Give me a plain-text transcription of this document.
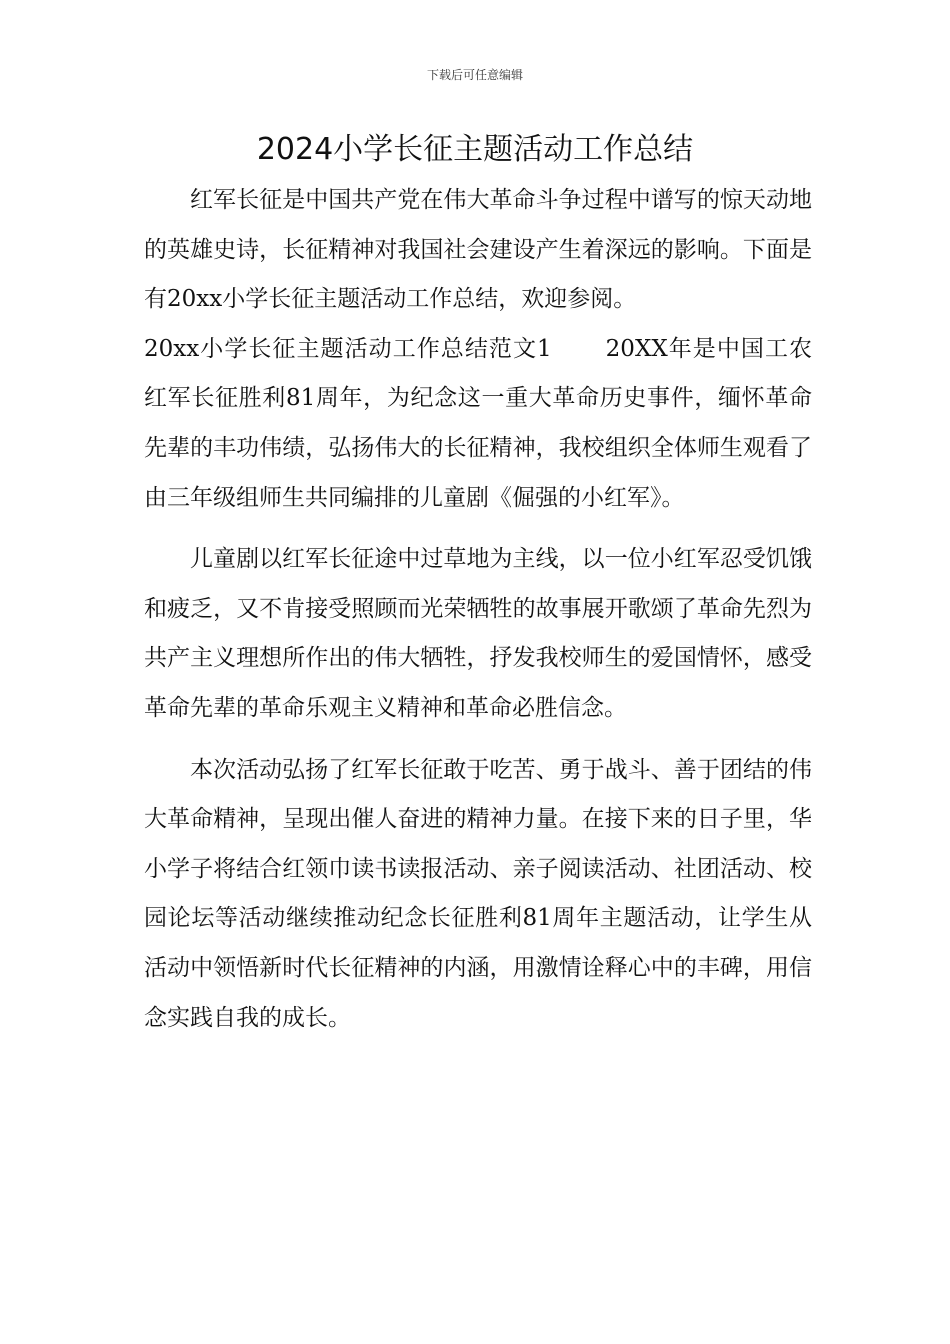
下载后可任意编辑
2024小学长征主题活动工作总结

红军长征是中国共产党在伟大革命斗争过程中谱写的惊天动地的英雄史诗，长征精神对我国社会建设产生着深远的影响。下面是有20xx小学长征主题活动工作总结，欢迎参阅。

20xx小学长征主题活动工作总结范文1 20XX年是中国工农红军长征胜利81周年，为纪念这一重大革命历史事件，缅怀革命先辈的丰功伟绩，弘扬伟大的长征精神，我校组织全体师生观看了由三年级组师生共同编排的儿童剧《倔强的小红军》。

儿童剧以红军长征途中过草地为主线，以一位小红军忍受饥饿和疲乏，又不肯接受照顾而光荣牺牲的故事展开歌颂了革命先烈为共产主义理想所作出的伟大牺牲，抒发我校师生的爱国情怀，感受革命先辈的革命乐观主义精神和革命必胜信念。

本次活动弘扬了红军长征敢于吃苦、勇于战斗、善于团结的伟大革命精神，呈现出催人奋进的精神力量。在接下来的日子里，华小学子将结合红领巾读书读报活动、亲子阅读活动、社团活动、校园论坛等活动继续推动纪念长征胜利81周年主题活动，让学生从活动中领悟新时代长征精神的内涵，用激情诠释心中的丰碑，用信念实践自我的成长。
